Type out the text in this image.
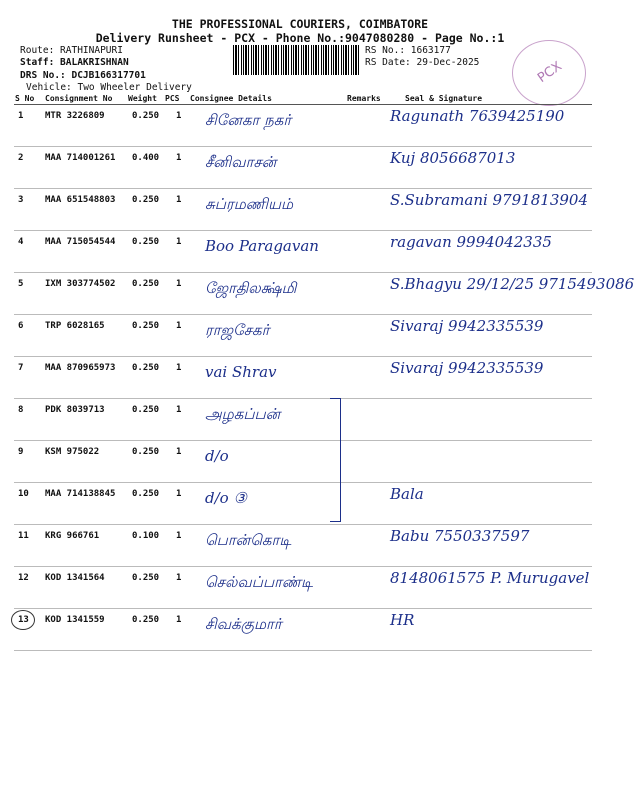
THE PROFESSIONAL COURIERS, COIMBATORE
Delivery Runsheet - PCX - Phone No.:9047080280 - Page No.:1
Route: RATHINAPURI
Staff: BALAKRISHNAN
DRS No.: DCJB166317701
Vehicle: Two Wheeler Delivery
RS No.: 1663177
RS Date: 29-Dec-2025	PCX
S No Consignment No Weight PCS Consignee Details	Remarks	Seal & Signature
1 MTR 3226809	0.250 1 சினேகா நகர்	Ragunath 7639425190
2 MAA 714001261 0.400 1 சீனிவாசன்	Kuj 8056687013
3 MAA 651548803 0.250 1 சுப்ரமணியம்	S.Subramani 9791813904
4 MAA 715054544 0.250 1 Boo Paragavan	ragavan 9994042335
5 IXM 303774502 0.250 1 ஜோதிலக்ஷ்மி	S.Bhagyu 29/12/25 9715493086
6 TRP 6028165	0.250 1 ராஜசேகர்	Sivaraj 9942335539
7 MAA 870965973 0.250 1 vai Shrav	Sivaraj 9942335539
8 PDK 8039713	0.250 1 அழகப்பன்
9 KSM 975022	0.250 1 d/o
10 MAA 714138845 0.250 1 d/o ③	Bala
11 KRG 966761	0.100 1 பொன்கொடி	Babu 7550337597
12 KOD 1341564	0.250 1 செல்வப்பாண்டி	8148061575 P. Murugavel
13 KOD 1341559	0.250 1 சிவக்குமார்	HR
